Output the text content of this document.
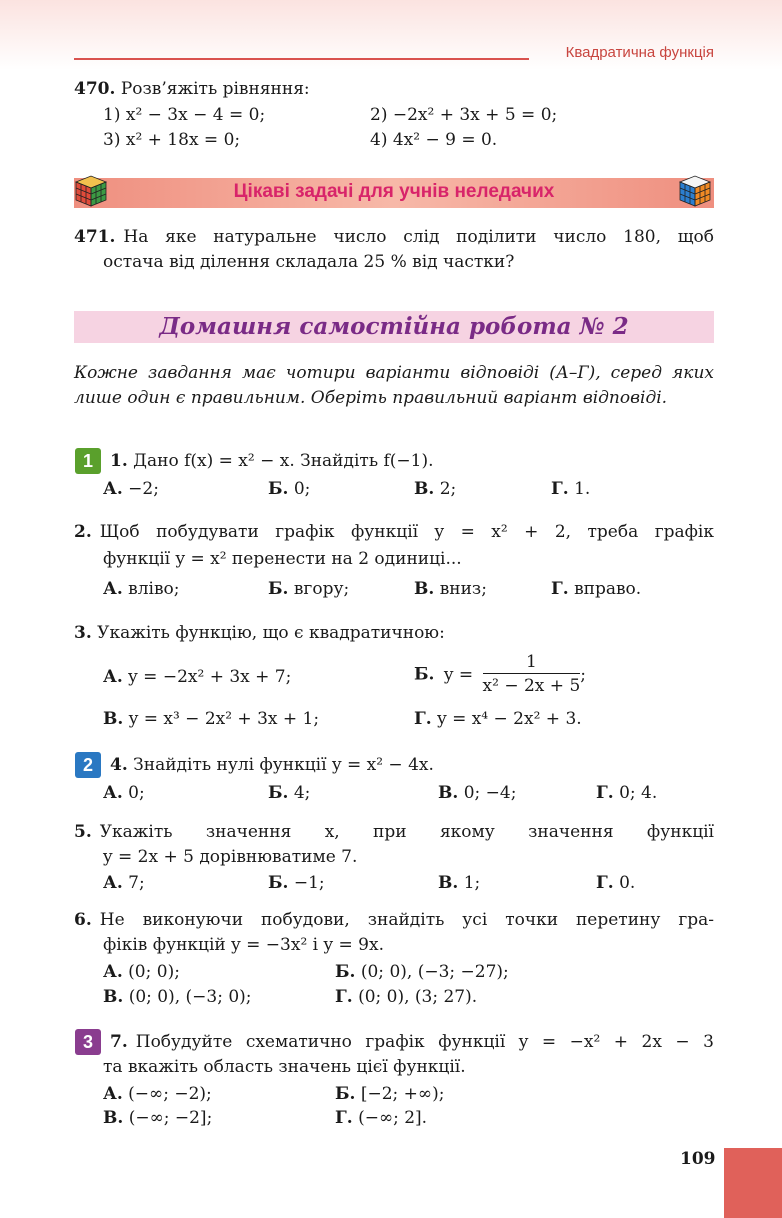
Квадратична функція
470. Розв’яжіть рівняння:
1) x² − 3x − 4 = 0;	2) −2x² + 3x + 5 = 0;
3) x² + 18x = 0;	4) 4x² − 9 = 0.
Цікаві задачі для учнів неледачих
471. На яке натуральне число слід поділити число 180, щоб
остача від ділення складала 25 % від частки?
Домашня самостійна робота № 2
Кожне завдання має чотири варіанти відповіді (А–Г), серед яких лише один є правильним. Оберіть правильний варіант відповіді.
1
2
3
1. Дано f(x) = x² − x. Знайдіть f(−1).
А. −2;	Б. 0;	В. 2;	Г. 1.
2. Щоб побудувати графік функції y = x² + 2, треба графік
функції y = x² перенести на 2 одиниці...
А. вліво;	Б. вгору;	В. вниз;	Г. вправо.
3. Укажіть функцію, що є квадратичною:
А. y = −2x² + 3x + 7;	Б. $y = \frac{1}{\text{x² − 2x + 5}}$ ;
В. y = x³ − 2x² + 3x + 1;	Г. y = x⁴ − 2x² + 3.
4. Знайдіть нулі функції y = x² − 4x.
А. 0;	Б. 4;	В. 0; −4;	Г. 0; 4.
5. Укажіть значення x, при якому значення функції
y = 2x + 5 дорівнюватиме 7.
А. 7;	Б. −1;	В. 1;	Г. 0.
6. Не виконуючи побудови, знайдіть усі точки перетину гра-
фіків функцій y = −3x² і y = 9x.
А. (0; 0);	Б. (0; 0), (−3; −27);
В. (0; 0), (−3; 0);	Г. (0; 0), (3; 27).
7. Побудуйте схематично графік функції y = −x² + 2x − 3
та вкажіть область значень цієї функції.
А. (−∞; −2);	Б. [−2; +∞);
В. (−∞; −2];	Г. (−∞; 2].
109
